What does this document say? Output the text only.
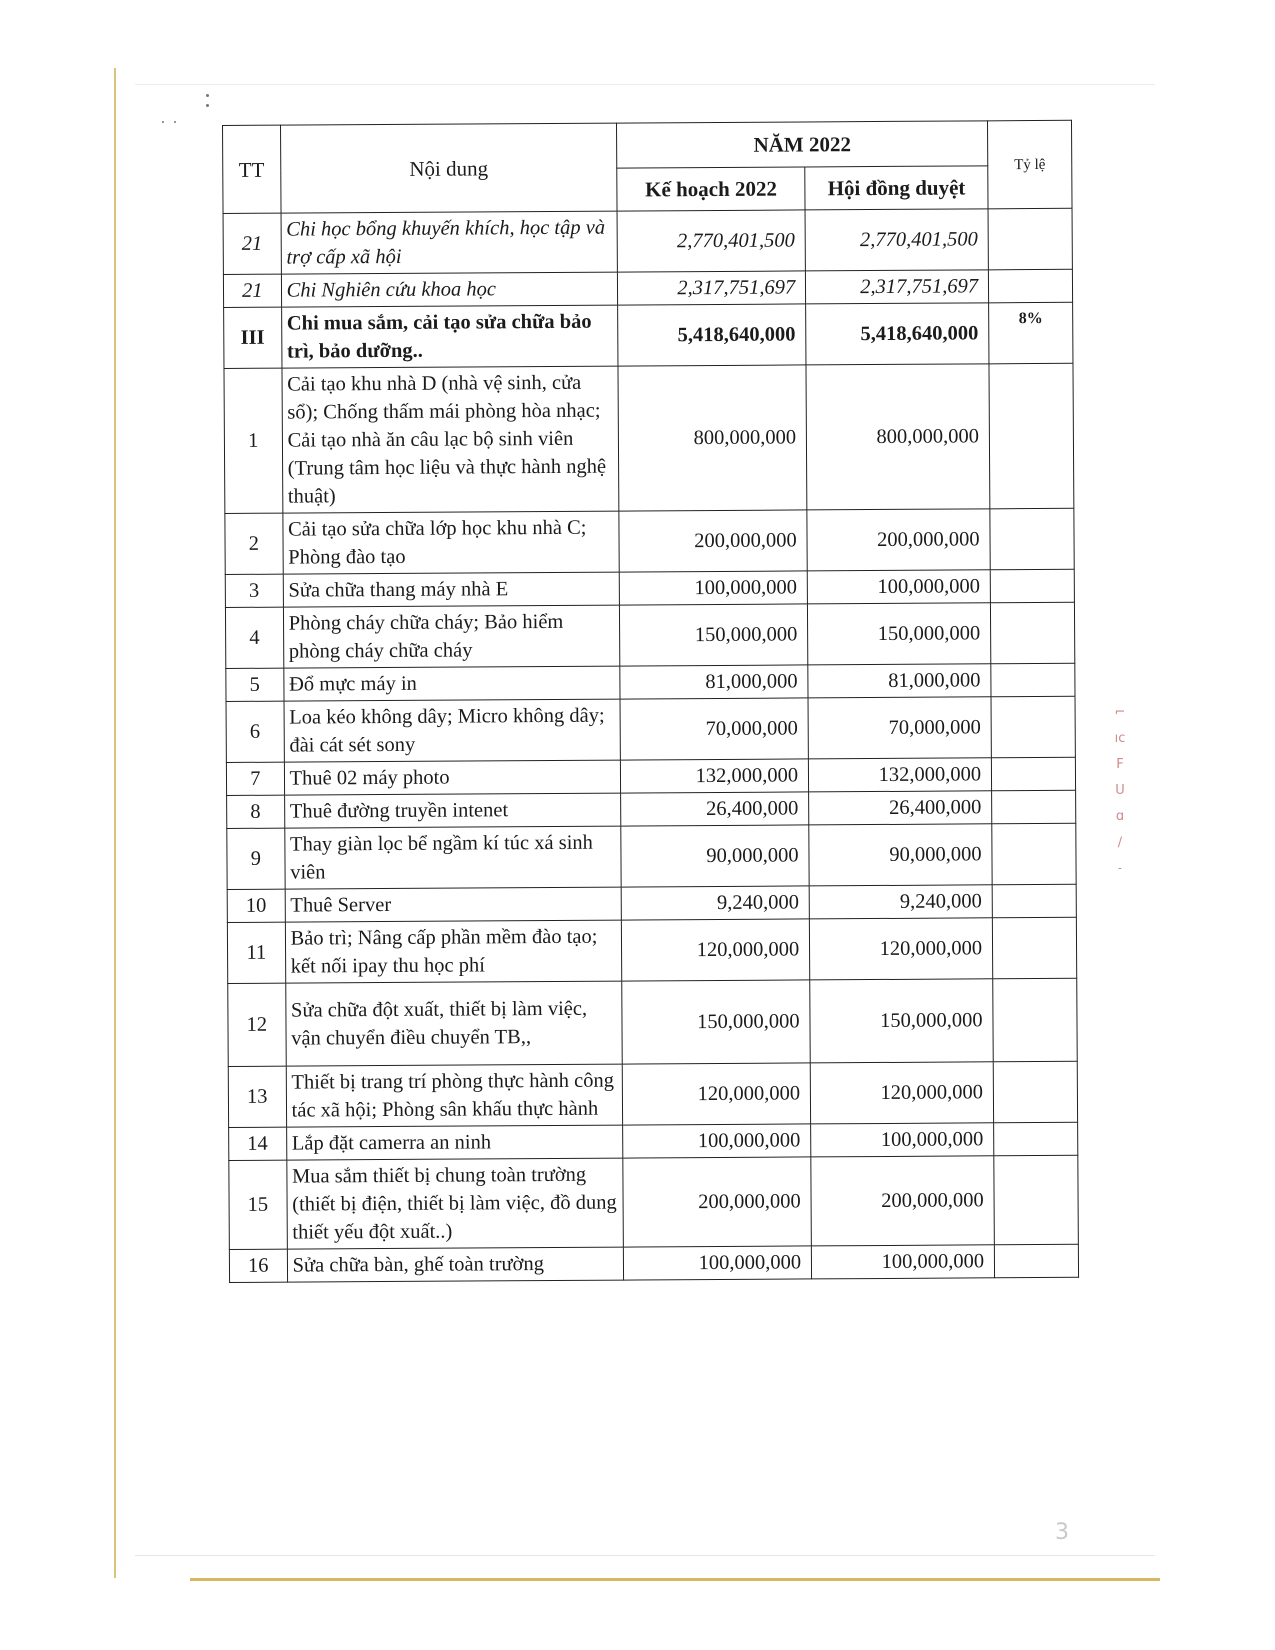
TT	Nội dung	NĂM 2022		Tỷ lệ
		Kế hoạch 2022	Hội đồng duyệt	
21	Chi học bổng khuyến khích, học tập và trợ cấp xã hội	2,770,401,500	2,770,401,500	
21	Chi Nghiên cứu khoa học	2,317,751,697	2,317,751,697	
III	Chi mua sắm, cải tạo sửa chữa bảo trì, bảo dưỡng..	5,418,640,000	5,418,640,000	8%
1	Cải tạo khu nhà D (nhà vệ sinh, cửa sổ); Chống thấm mái phòng hòa nhạc; Cải tạo nhà ăn câu lạc bộ sinh viên (Trung tâm học liệu và thực hành nghệ thuật)	800,000,000	800,000,000	
2	Cải tạo sửa chữa lớp học khu nhà C; Phòng đào tạo	200,000,000	200,000,000	
3	Sửa chữa thang máy nhà E	100,000,000	100,000,000	
4	Phòng cháy chữa cháy; Bảo hiểm phòng cháy chữa cháy	150,000,000	150,000,000	
5	Đổ mực máy in	81,000,000	81,000,000	
6	Loa kéo không dây; Micro không dây; đài cát sét sony	70,000,000	70,000,000	
7	Thuê 02 máy photo	132,000,000	132,000,000	
8	Thuê đường truyền intenet	26,400,000	26,400,000	
9	Thay giàn lọc bể ngầm kí túc xá sinh viên	90,000,000	90,000,000	
10	Thuê Server	9,240,000	9,240,000	
11	Bảo trì; Nâng cấp phần mềm đào tạo; kết nối ipay thu học phí	120,000,000	120,000,000	
12	Sửa chữa đột xuất, thiết bị làm việc, vận chuyển điều chuyển TB,,	150,000,000	150,000,000	
13	Thiết bị trang trí phòng thực hành công tác xã hội; Phòng sân khấu thực hành	120,000,000	120,000,000	
14	Lắp đặt camerra an ninh	100,000,000	100,000,000	
15	Mua sắm thiết bị chung toàn trường (thiết bị điện, thiết bị làm việc, đồ dung thiết yếu đột xuất..)	200,000,000	200,000,000	
16	Sửa chữa bàn, ghế toàn trường	100,000,000	100,000,000	
⌐
ıc
F
U
ɑ
∕
˗
3
